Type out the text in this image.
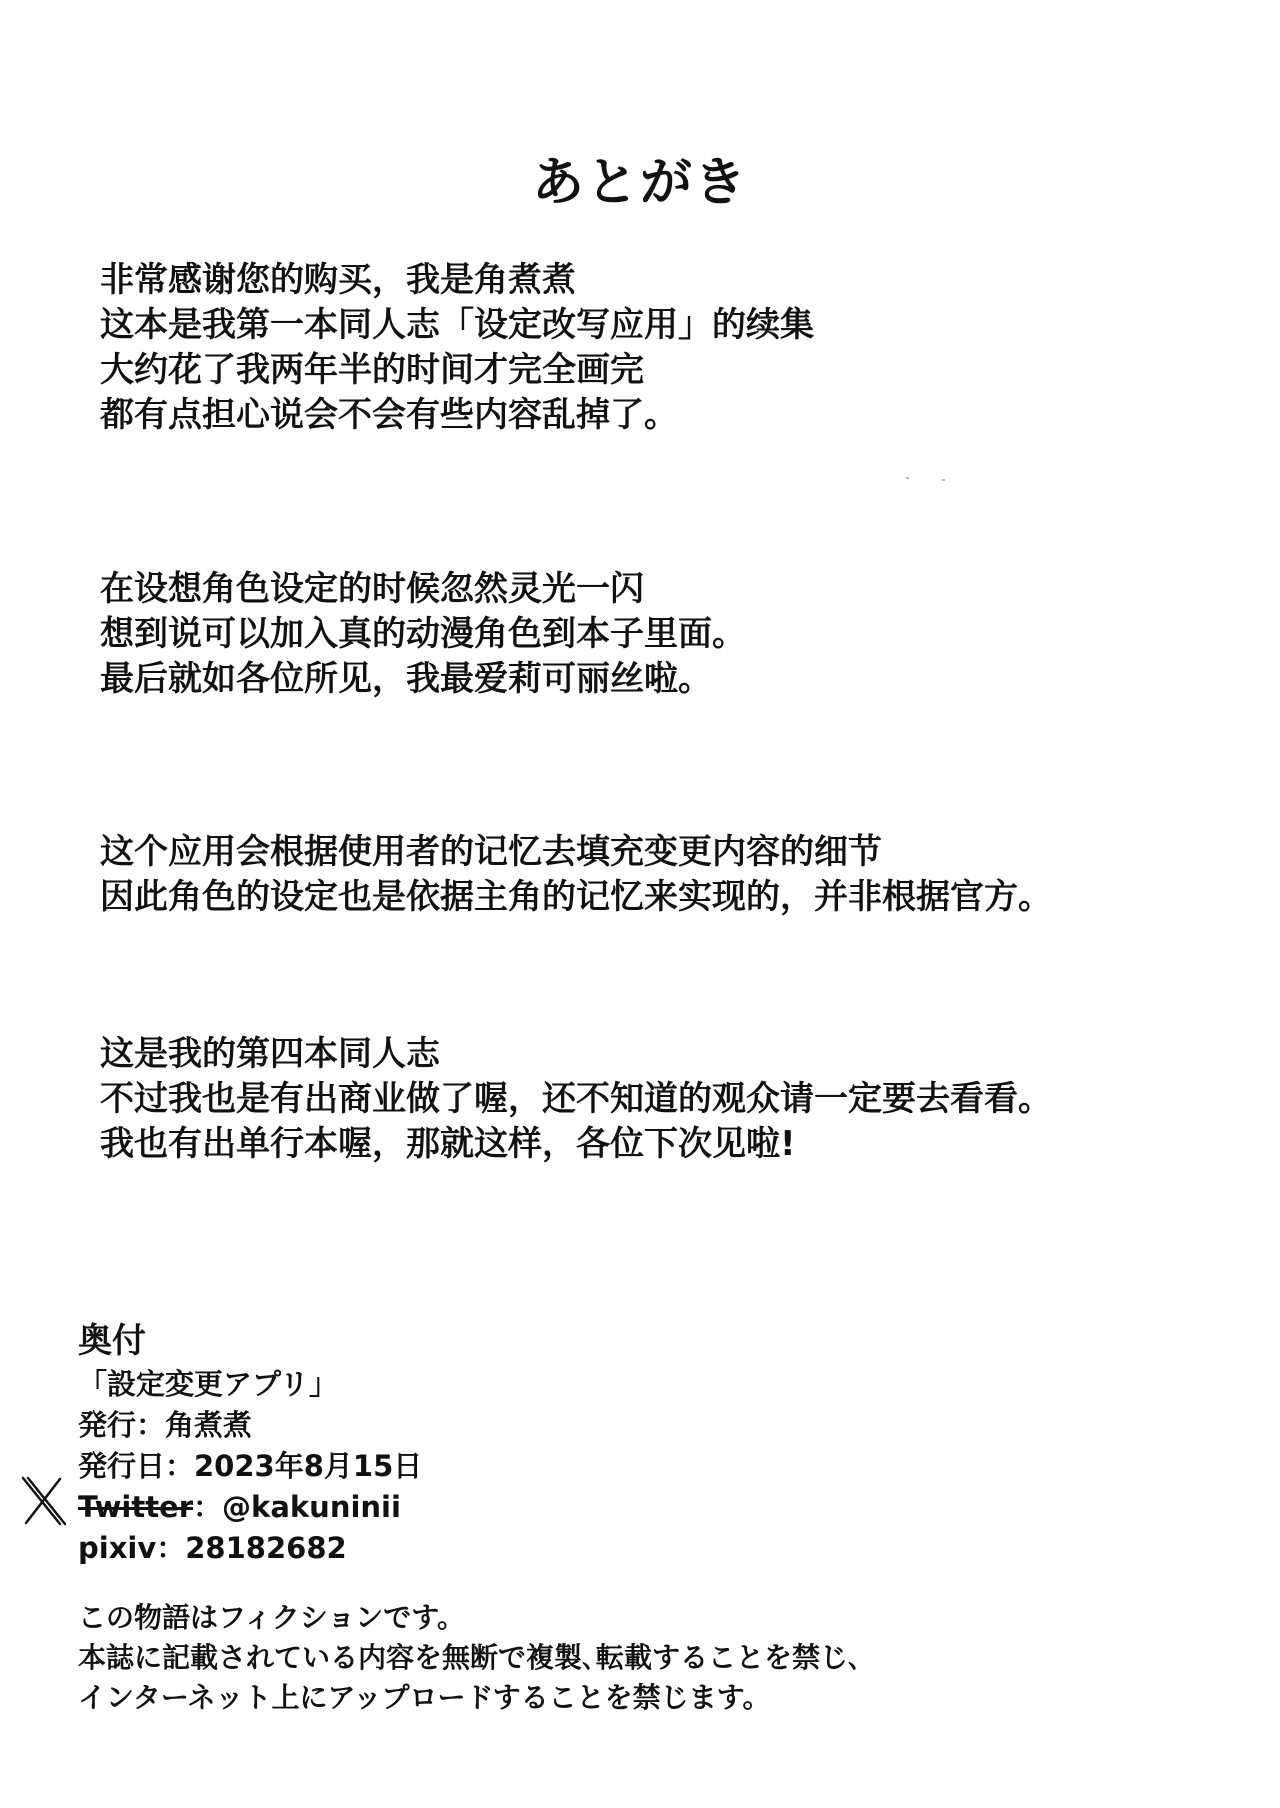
あとがき
非常感谢您的购买，我是角煮煮
这本是我第一本同人志「设定改写应用」的续集
大约花了我两年半的时间才完全画完
都有点担心说会不会有些内容乱掉了。
在设想角色设定的时候忽然灵光一闪
想到说可以加入真的动漫角色到本子里面。
最后就如各位所见，我最爱莉可丽丝啦。
这个应用会根据使用者的记忆去填充变更内容的细节
因此角色的设定也是依据主角的记忆来实现的，并非根据官方。
这是我的第四本同人志
不过我也是有出商业做了喔，还不知道的观众请一定要去看看。
我也有出单行本喔，那就这样，各位下次见啦!
奥付
「設定変更アプリ」
発行：角煮煮
発行日：2023年8月15日
Twitter：@kakuninii
pixiv：28182682
この物語はフィクションです。
本誌に記載されている内容を無断で複製､転載することを禁じ､
インターネット上にアップロードすることを禁じます。
